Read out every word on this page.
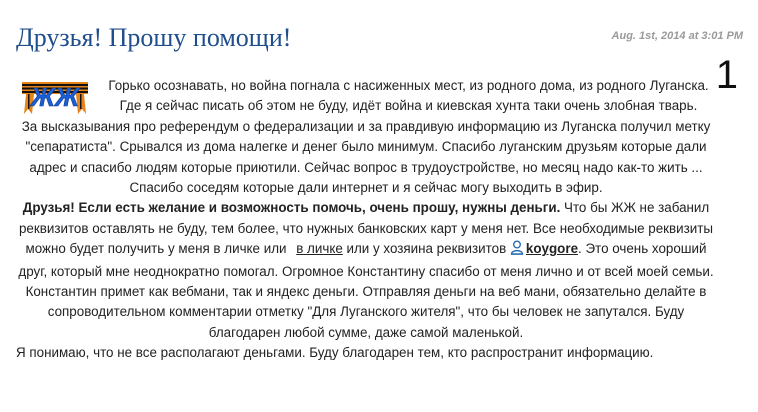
Друзья! Прошу помощи!	Aug. 1st, 2014 at 3:01 PM
1
ЖЖ	Горько осознавать, но война погнала с насиженных мест, из родного дома, из родного Луганска. Где я сейчас писать об этом не буду, идёт война и киевская хунта таки очень злобная тварь.

За высказывания про референдум о федерализации и за правдивую информацию из Луганска получил метку "сепаратиста". Срывался из дома налегке и денег было минимум. Спасибо луганским друзьям которые дали адрес и спасибо людям которые приютили. Сейчас вопрос в трудоустройстве, но месяц надо как-то жить ... Спасибо соседям которые дали интернет и я сейчас могу выходить в эфир.

Друзья! Если есть желание и возможность помочь, очень прошу, нужны деньги. Что бы ЖЖ не забанил реквизитов оставлять не буду, тем более, что нужных банковских карт у меня нет. Все необходимые реквизиты можно будет получить у меня в личке или в личке или у хозяина реквизитов koygore. Это очень хороший друг, который мне неоднократно помогал. Огромное Константину спасибо от меня лично и от всей моей семьи. Константин примет как вебмани, так и яндекс деньги. Отправляя деньги на веб мани, обязательно делайте в сопроводительном комментарии отметку "Для Луганского жителя", что бы человек не запутался. Буду благодарен любой сумме, даже самой маленькой.

Я понимаю, что не все располагают деньгами. Буду благодарен тем, кто распространит информацию.
